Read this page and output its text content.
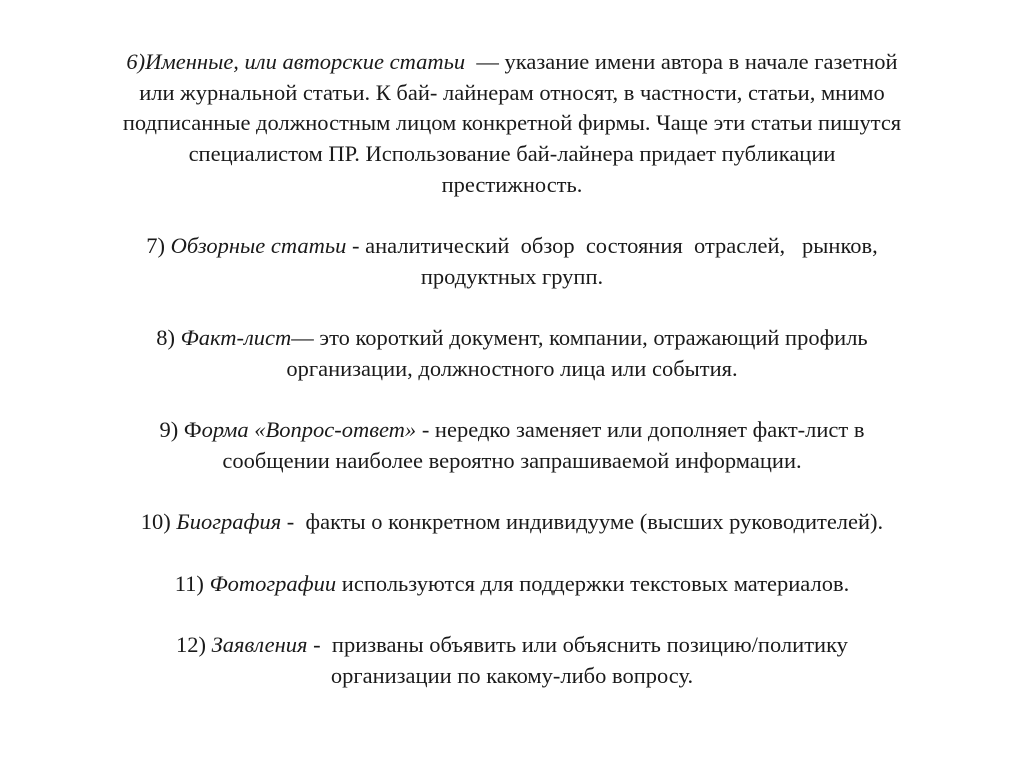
6)Именные, или авторские статьи  — указание имени автора в начале газетной
или журнальной статьи. К бай- лайнерам относят, в частности, статьи, мнимо
подписанные должностным лицом конкретной фирмы. Чаще эти статьи пишутся
специалистом ПР. Использование бай-лайнера придает публикации
престижность.

7) Обзорные статьи - аналитический  обзор  состояния  отраслей,   рынков,
продуктных групп.

8) Факт-лист— это короткий документ, компании, отражающий профиль
организации, должностного лица или события.

9) Форма «Вопрос-ответ» - нередко заменяет или дополняет факт-лист в
сообщении наиболее вероятно запрашиваемой информации.

10) Биография -  факты о конкретном индивидууме (высших руководителей).

11) Фотографии используются для поддержки текстовых материалов.

12) Заявления -  призваны объявить или объяснить позицию/политику
организации по какому-либо вопросу.
